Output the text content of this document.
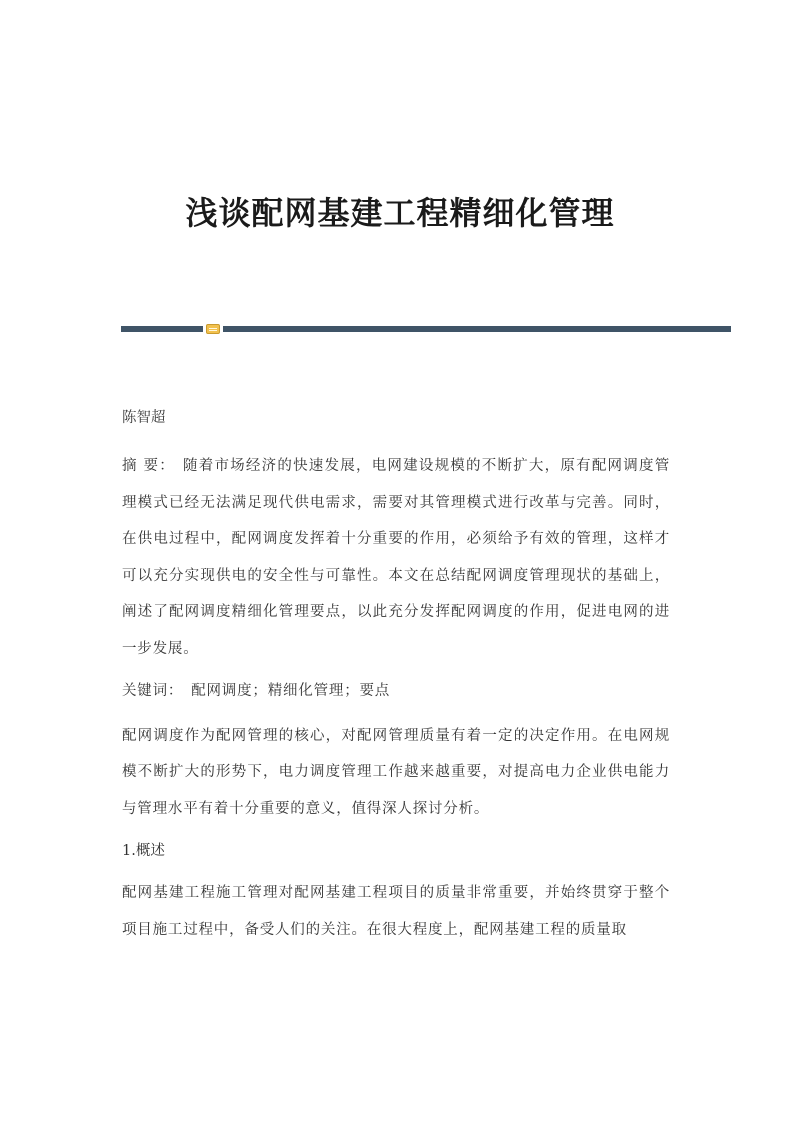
浅谈配网基建工程精细化管理

陈智超

摘 要： 随着市场经济的快速发展，电网建设规模的不断扩大，原有配网调度管理模式已经无法满足现代供电需求，需要对其管理模式进行改革与完善。同时，在供电过程中，配网调度发挥着十分重要的作用，必须给予有效的管理，这样才可以充分实现供电的安全性与可靠性。本文在总结配网调度管理现状的基础上，阐述了配网调度精细化管理要点，以此充分发挥配网调度的作用，促进电网的进一步发展。

关键词： 配网调度；精细化管理；要点

配网调度作为配网管理的核心，对配网管理质量有着一定的决定作用。在电网规模不断扩大的形势下，电力调度管理工作越来越重要，对提高电力企业供电能力与管理水平有着十分重要的意义，值得深人探讨分析。

1.概述

配网基建工程施工管理对配网基建工程项目的质量非常重要，并始终贯穿于整个项目施工过程中，备受人们的关注。在很大程度上，配网基建工程的质量取
